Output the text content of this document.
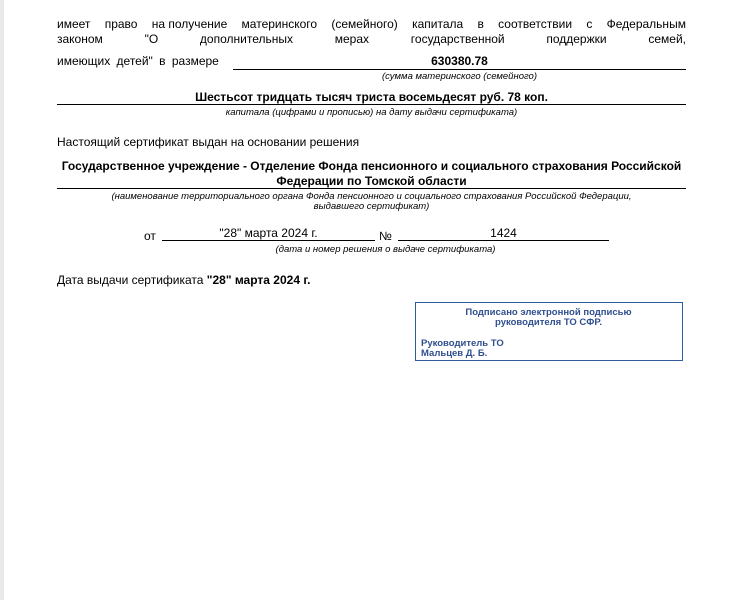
имеет право на получение материнского (семейного) капитала в соответствии с Федеральным
законом	"О	дополнительных	мерах	государственной	поддержки	семей,
имеющих детей" в размере	630380.78
(сумма материнского (семейного)
Шестьсот тридцать тысяч триста восемьдесят руб. 78 коп.
капитала (цифрами и прописью) на дату выдачи сертификата)
Настоящий сертификат выдан на основании решения
Государственное учреждение - Отделение Фонда пенсионного и социального страхования Российской
Федерации по Томской области
(наименование территориального органа Фонда пенсионного и социального страхования Российской Федерации,
выдавшего сертификат)
от	"28" марта 2024 г.	№	1424
(дата и номер решения о выдаче сертификата)
Дата выдачи сертификата "28" марта 2024 г.
Подписано электронной подписью
руководителя ТО СФР.
Руководитель ТО
Мальцев Д. Б.
